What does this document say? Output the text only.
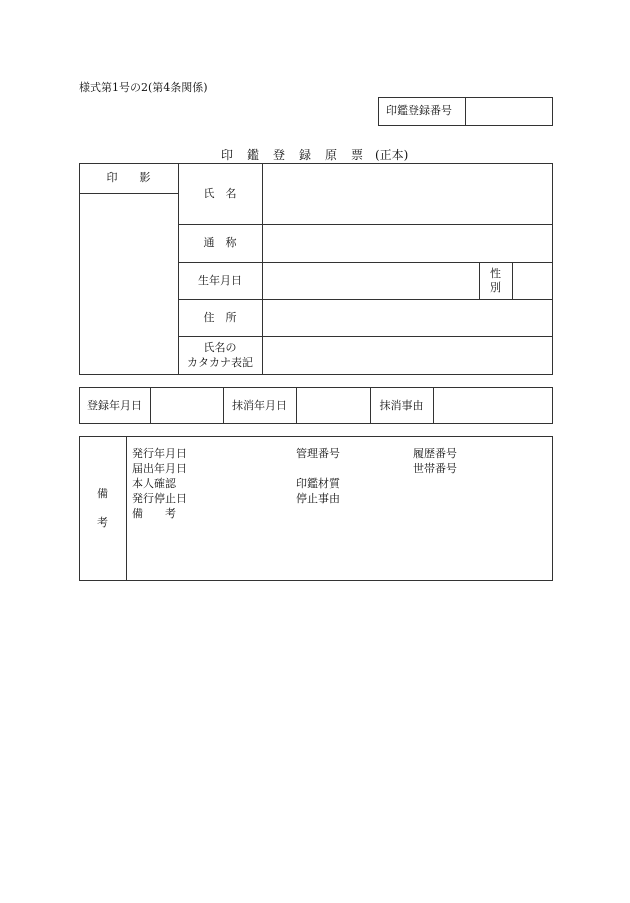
様式第1号の2(第4条関係)
印鑑登録番号
印　鑑　登　録　原　票 (正本)
印　　影
氏　名
通　称
生年月日
性
別
住　所
氏名の
カタカナ表記
登録年月日	抹消年月日	抹消事由
備
考
発行年月日
届出年月日
本人確認
発行停止日
備　　考
管理番号
印鑑材質
停止事由
履歴番号
世帯番号
